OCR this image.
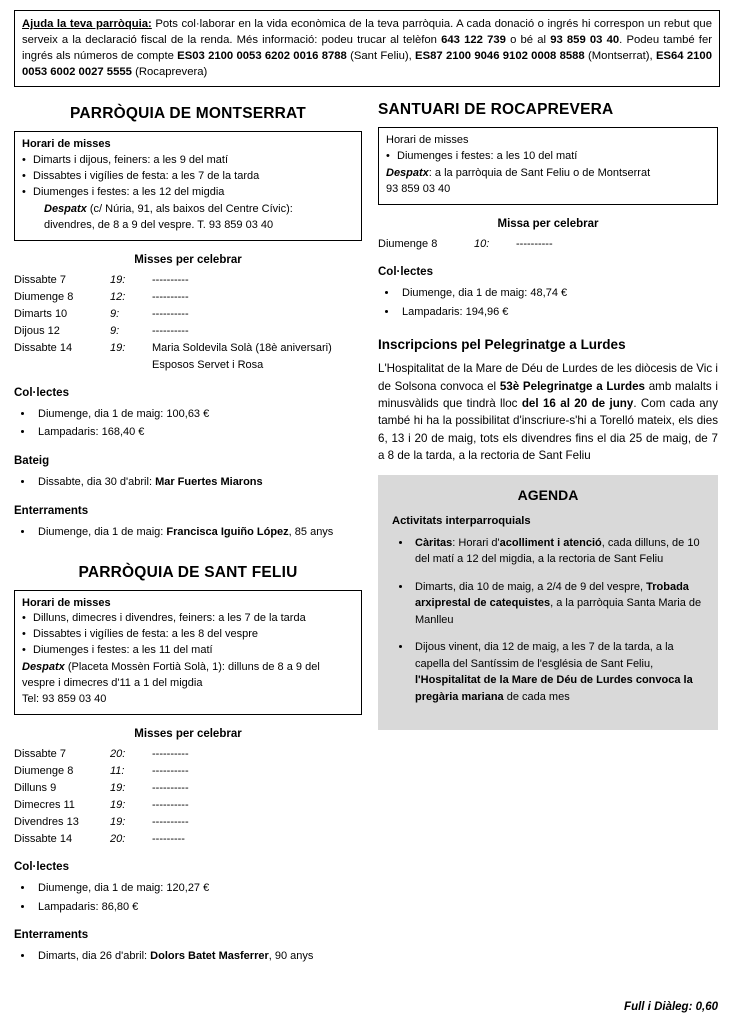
Ajuda la teva parròquia: Pots col·laborar en la vida econòmica de la teva parròquia. A cada donació o ingrés hi correspon un rebut que serveix a la declaració fiscal de la renda. Més informació: podeu trucar al telèfon 643 122 739 o bé al 93 859 03 40. Podeu també fer ingrés als números de compte ES03 2100 0053 6202 0016 8788 (Sant Feliu), ES87 2100 9046 9102 0008 8588 (Montserrat), ES64 2100 0053 6002 0027 5555 (Rocaprevera)
PARRÒQUIA DE MONTSERRAT
Horari de misses
• Dimarts i dijous, feiners: a les 9 del matí
• Dissabtes i vigílies de festa: a les 7 de la tarda
• Diumenges i festes: a les 12 del migdia
Despatx (c/ Núria, 91, als baixos del Centre Cívic):
divendres, de 8 a 9 del vespre. T. 93 859 03 40
Misses per celebrar
Dissabte 7	19:	----------
Diumenge 8	12:	----------
Dimarts 10	9:	----------
Dijous 12	9:	----------
Dissabte 14	19:	Maria Soldevila Solà (18è aniversari)
		Esposos Servet i Rosa
Col·lectes
• Diumenge, dia 1 de maig: 100,63 €
• Lampadaris: 168,40 €
Bateig
• Dissabte, dia 30 d'abril: Mar Fuertes Miarons
Enterraments
• Diumenge, dia 1 de maig: Francisca Iguiño López, 85 anys
PARRÒQUIA DE SANT FELIU
Horari de misses
• Dilluns, dimecres i divendres, feiners: a les 7 de la tarda
• Dissabtes i vigílies de festa: a les 8 del vespre
• Diumenges i festes: a les 11 del matí
Despatx (Placeta Mossèn Fortià Solà, 1): dilluns de 8 a 9 del vespre i dimecres d'11 a 1 del migdia
Tel: 93 859 03 40
Misses per celebrar
Dissabte 7	20:	----------
Diumenge 8	11:	----------
Dilluns 9	19:	----------
Dimecres 11	19:	----------
Divendres 13	19:	----------
Dissabte 14	20:	---------
Col·lectes
• Diumenge, dia 1 de maig: 120,27 €
• Lampadaris: 86,80 €
Enterraments
• Dimarts, dia 26 d'abril: Dolors Batet Masferrer, 90 anys
SANTUARI DE ROCAPREVERA
Horari de misses
• Diumenges i festes: a les 10 del matí
Despatx: a la parròquia de Sant Feliu o de Montserrat
93 859 03 40
Missa per celebrar
Diumenge 8	10:	----------
Col·lectes
• Diumenge, dia 1 de maig: 48,74 €
• Lampadaris: 194,96 €
Inscripcions pel Pelegrinatge a Lurdes

L'Hospitalitat de la Mare de Déu de Lurdes de les diòcesis de Vic i de Solsona convoca el 53è Pelegrinatge a Lurdes amb malalts i minusvàlids que tindrà lloc del 16 al 20 de juny. Com cada any també hi ha la possibilitat d'inscriure-s'hi a Torelló mateix, els dies 6, 13 i 20 de maig, tots els divendres fins el dia 25 de maig, de 7 a 8 de la tarda, a la rectoria de Sant Feliu

AGENDA
Activitats interparroquials
• Càritas: Horari d'acolliment i atenció, cada dilluns, de 10 del matí a 12 del migdia, a la rectoria de Sant Feliu
• Dimarts, dia 10 de maig, a 2/4 de 9 del vespre, Trobada arxiprestal de catequistes, a la parròquia Santa Maria de Manlleu
• Dijous vinent, dia 12 de maig, a les 7 de la tarda, a la capella del Santíssim de l'església de Sant Feliu, l'Hospitalitat de la Mare de Déu de Lurdes convoca la pregària mariana de cada mes
Full i Diàleg: 0,60
